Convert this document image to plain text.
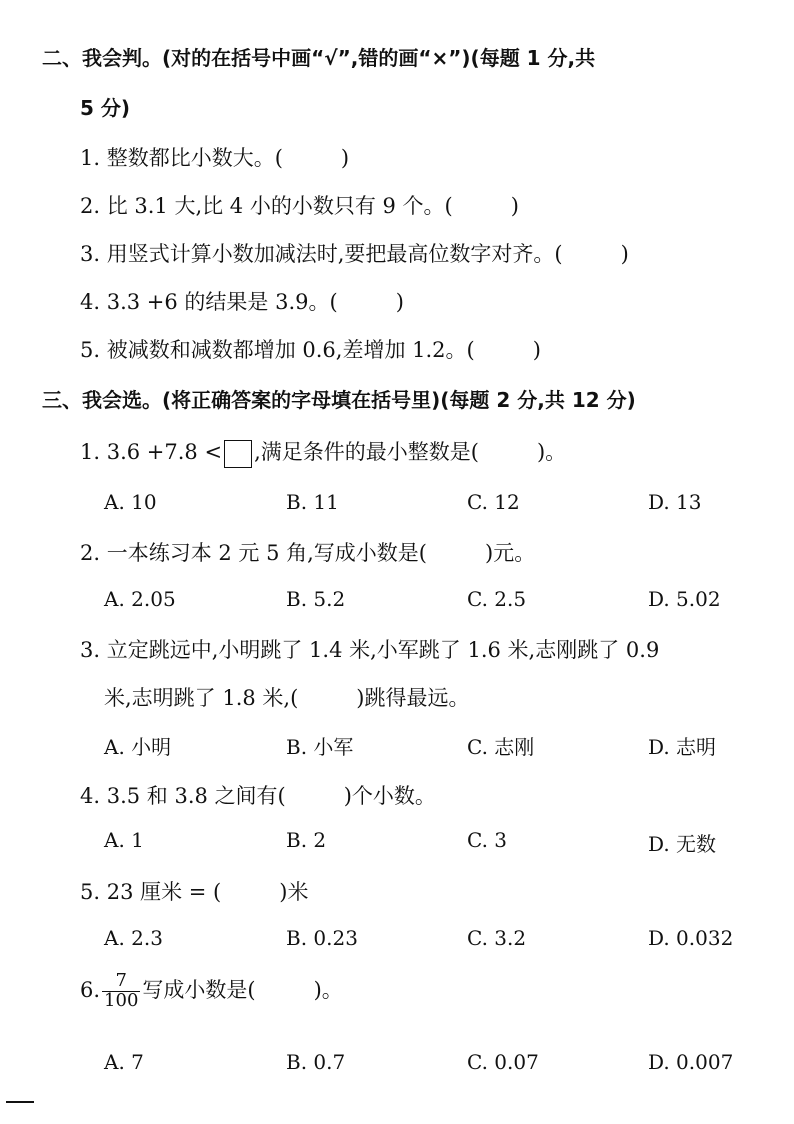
二、我会判。(对的在括号中画“√”,错的画“×”)(每题 1 分,共
5 分)
1. 整数都比小数大。(	)
2. 比 3.1 大,比 4 小的小数只有 9 个。(	)
3. 用竖式计算小数加减法时,要把最高位数字对齐。(	)
4. 3.3 +6 的结果是 3.9。(	)
5. 被减数和减数都增加 0.6,差增加 1.2。(	)
三、我会选。(将正确答案的字母填在括号里)(每题 2 分,共 12 分)
1. 3.6 +7.8 < ,满足条件的最小整数是(	)。
A. 10	B. 11	C. 12	D. 13
2. 一本练习本 2 元 5 角,写成小数是(	)元。
A. 2.05	B. 5.2	C. 2.5	D. 5.02
3. 立定跳远中,小明跳了 1.4 米,小军跳了 1.6 米,志刚跳了 0.9
米,志明跳了 1.8 米,(	)跳得最远。
A. 小明	B. 小军	C. 志刚	D. 志明
4. 3.5 和 3.8 之间有(	)个小数。
A. 1	B. 2	C. 3	D. 无数
5. 23 厘米 = (	)米
A. 2.3	B. 0.23	C. 3.2	D. 0.032
6. $\frac{7}{100}$ 写成小数是(	)。
A. 7	B. 0.7	C. 0.07	D. 0.007
